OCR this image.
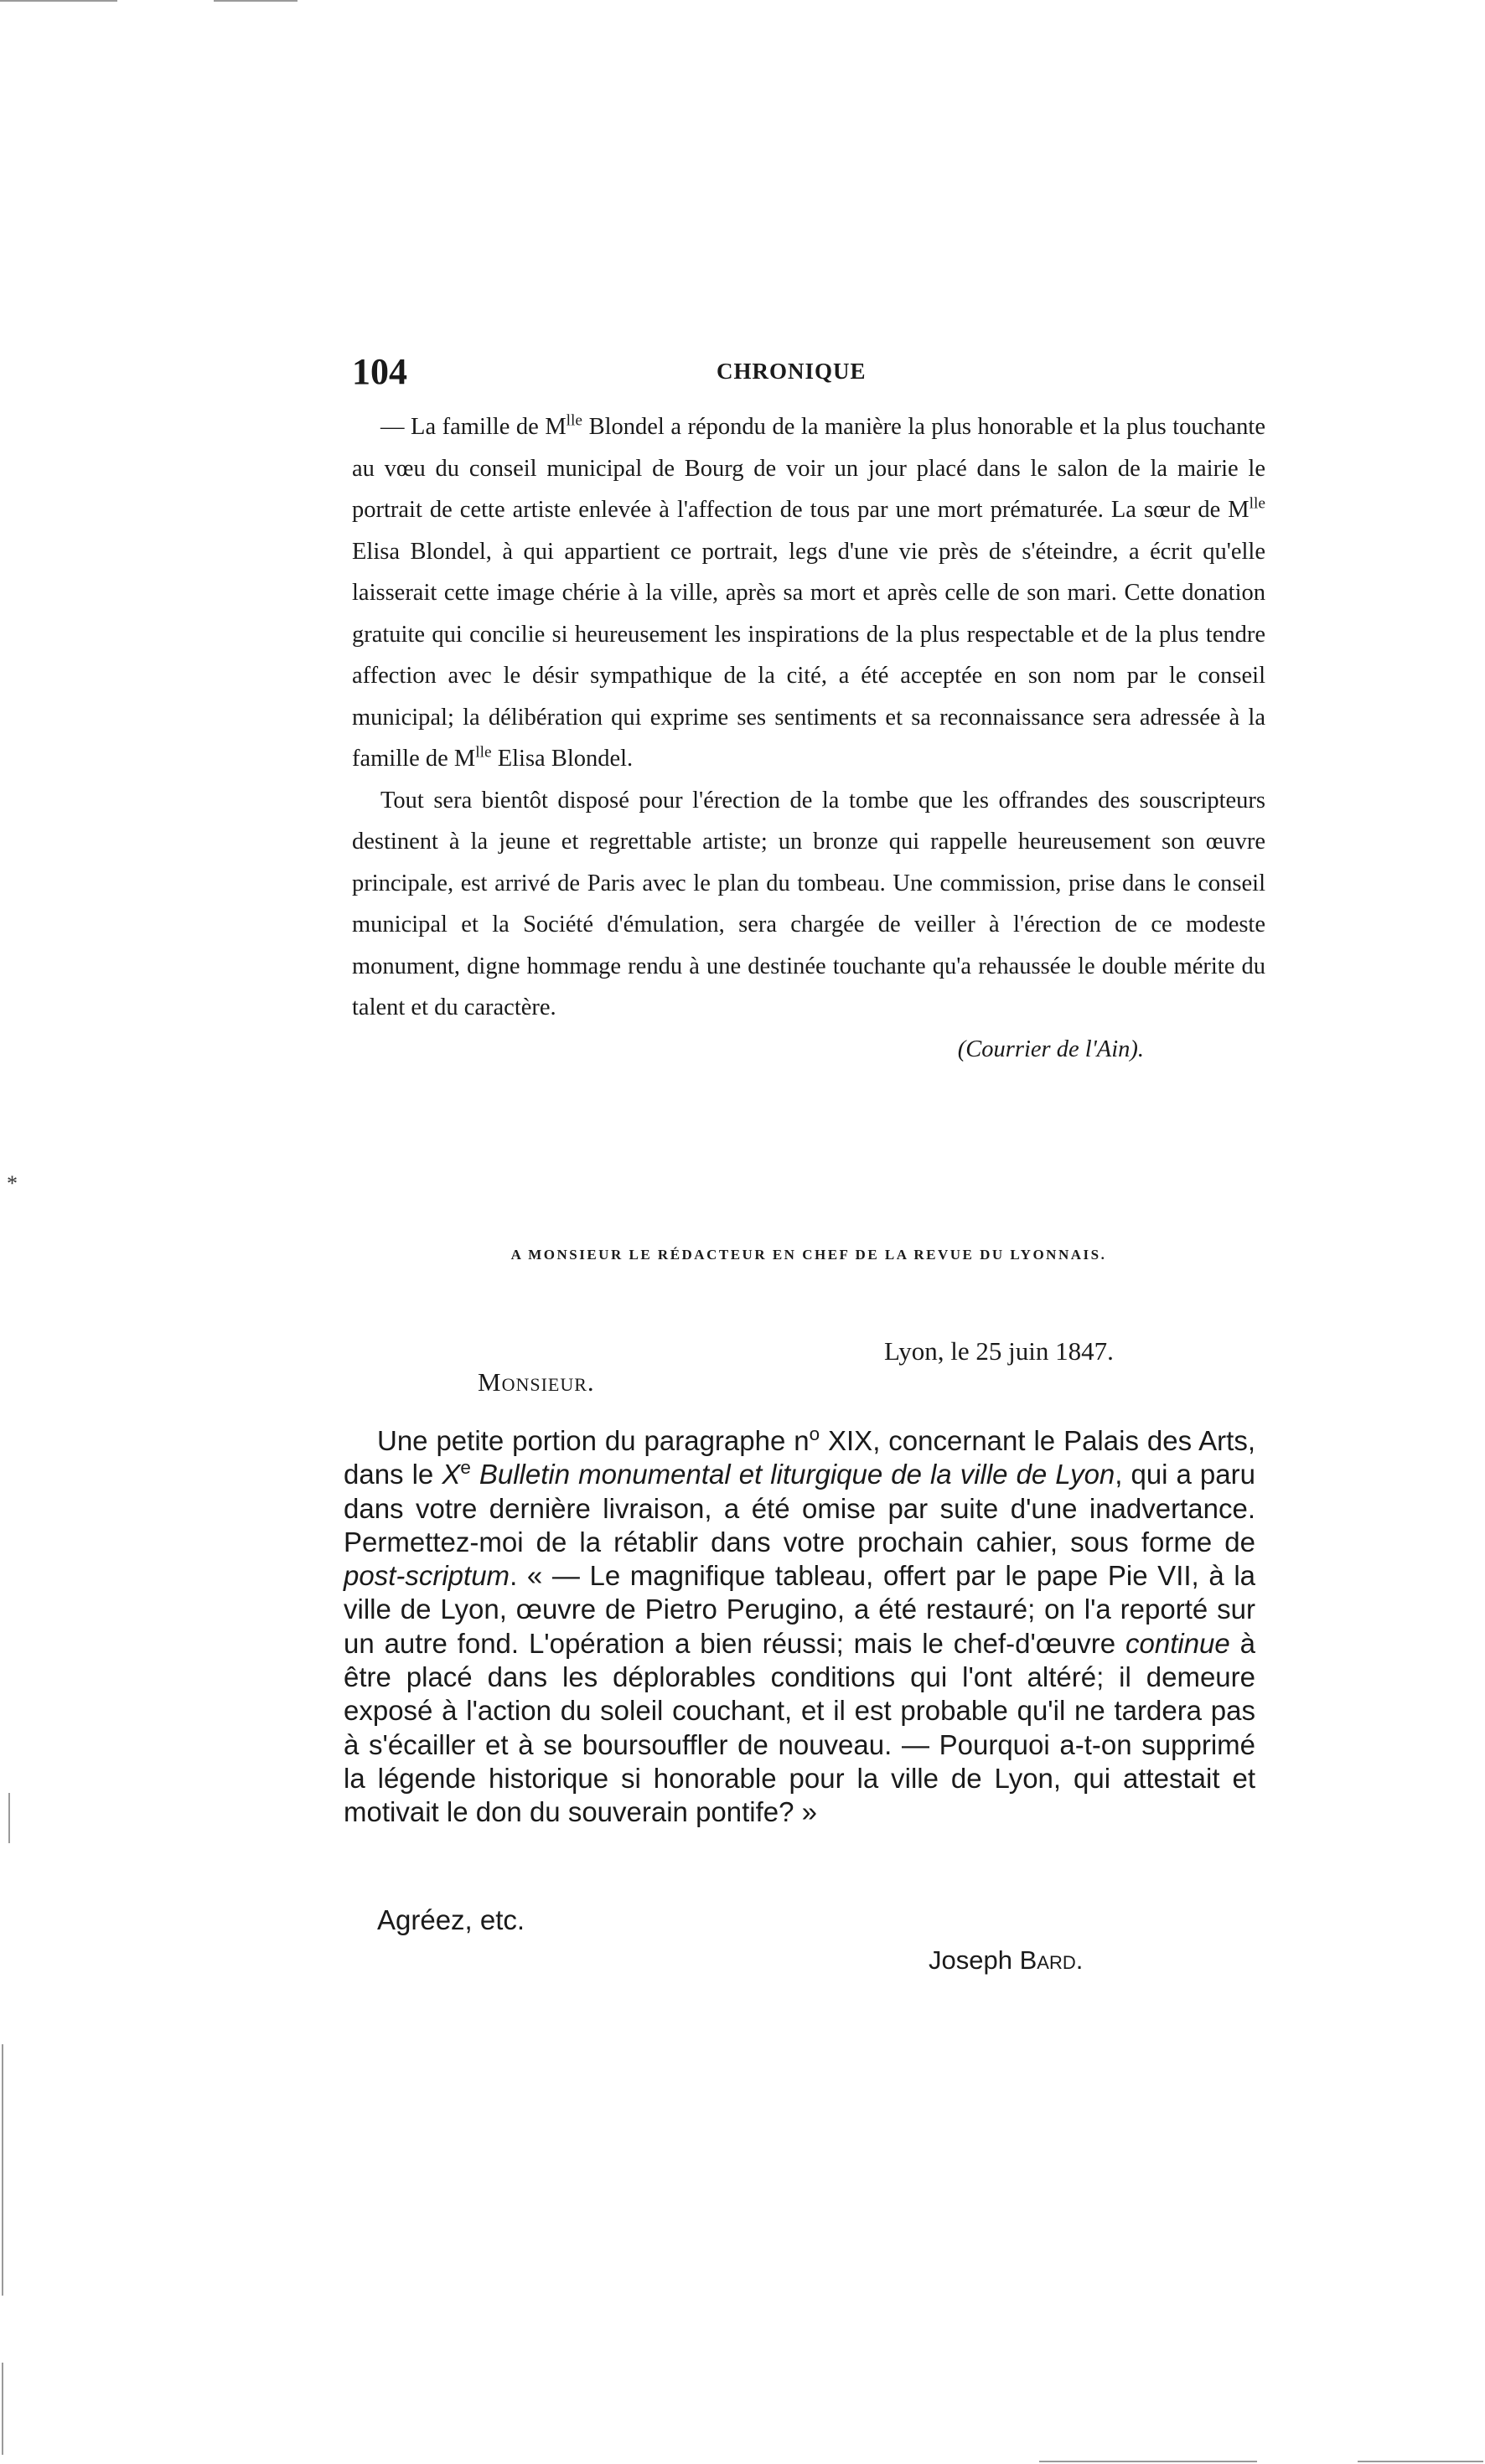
*
104	CHRONIQUE

— La famille de $M^{lle}$ Blondel a répondu de la manière la plus honorable et la plus touchante au vœu du conseil municipal de Bourg de voir un jour placé dans le salon de la mairie le portrait de cette artiste enlevée à l'affection de tous par une mort prématurée. La sœur de $M^{lle}$ Elisa Blondel, à qui appartient ce portrait, legs d'une vie près de s'éteindre, a écrit qu'elle laisserait cette image chérie à la ville, après sa mort et après celle de son mari. Cette donation gratuite qui concilie si heureusement les inspirations de la plus respectable et de la plus tendre affection avec le désir sympathique de la cité, a été acceptée en son nom par le conseil municipal; la délibération qui exprime ses sentiments et sa reconnaissance sera adressée à la famille de $M^{lle}$ Elisa Blondel.

Tout sera bientôt disposé pour l'érection de la tombe que les offrandes des souscripteurs destinent à la jeune et regrettable artiste; un bronze qui rappelle heureusement son œuvre principale, est arrivé de Paris avec le plan du tombeau. Une commission, prise dans le conseil municipal et la Société d'émulation, sera chargée de veiller à l'érection de ce modeste monument, digne hommage rendu à une destinée touchante qu'a rehaussée le double mérite du talent et du caractère.

(Courrier de l'Ain).

A MONSIEUR LE RÉDACTEUR EN CHEF DE LA REVUE DU LYONNAIS.
Lyon, le 25 juin 1847.
Monsieur.

Une petite portion du paragraphe $n^o$ XIX, concernant le Palais des Arts, dans le Xe Bulletin monumental et liturgique de la ville de Lyon, qui a paru dans votre dernière livraison, a été omise par suite d'une inadvertance. Permettez-moi de la rétablir dans votre prochain cahier, sous forme de post-scriptum. « — Le magnifique tableau, offert par le pape Pie VII, à la ville de Lyon, œuvre de Pietro Perugino, a été restauré; on l'a reporté sur un autre fond. L'opération a bien réussi; mais le chef-d'œuvre continue à être placé dans les déplorables conditions qui l'ont altéré; il demeure exposé à l'action du soleil couchant, et il est probable qu'il ne tardera pas à s'écailler et à se boursouffler de nouveau. — Pourquoi a-t-on supprimé la légende historique si honorable pour la ville de Lyon, qui attestait et motivait le don du souverain pontife? »

Agréez, etc.
Joseph Bard.
